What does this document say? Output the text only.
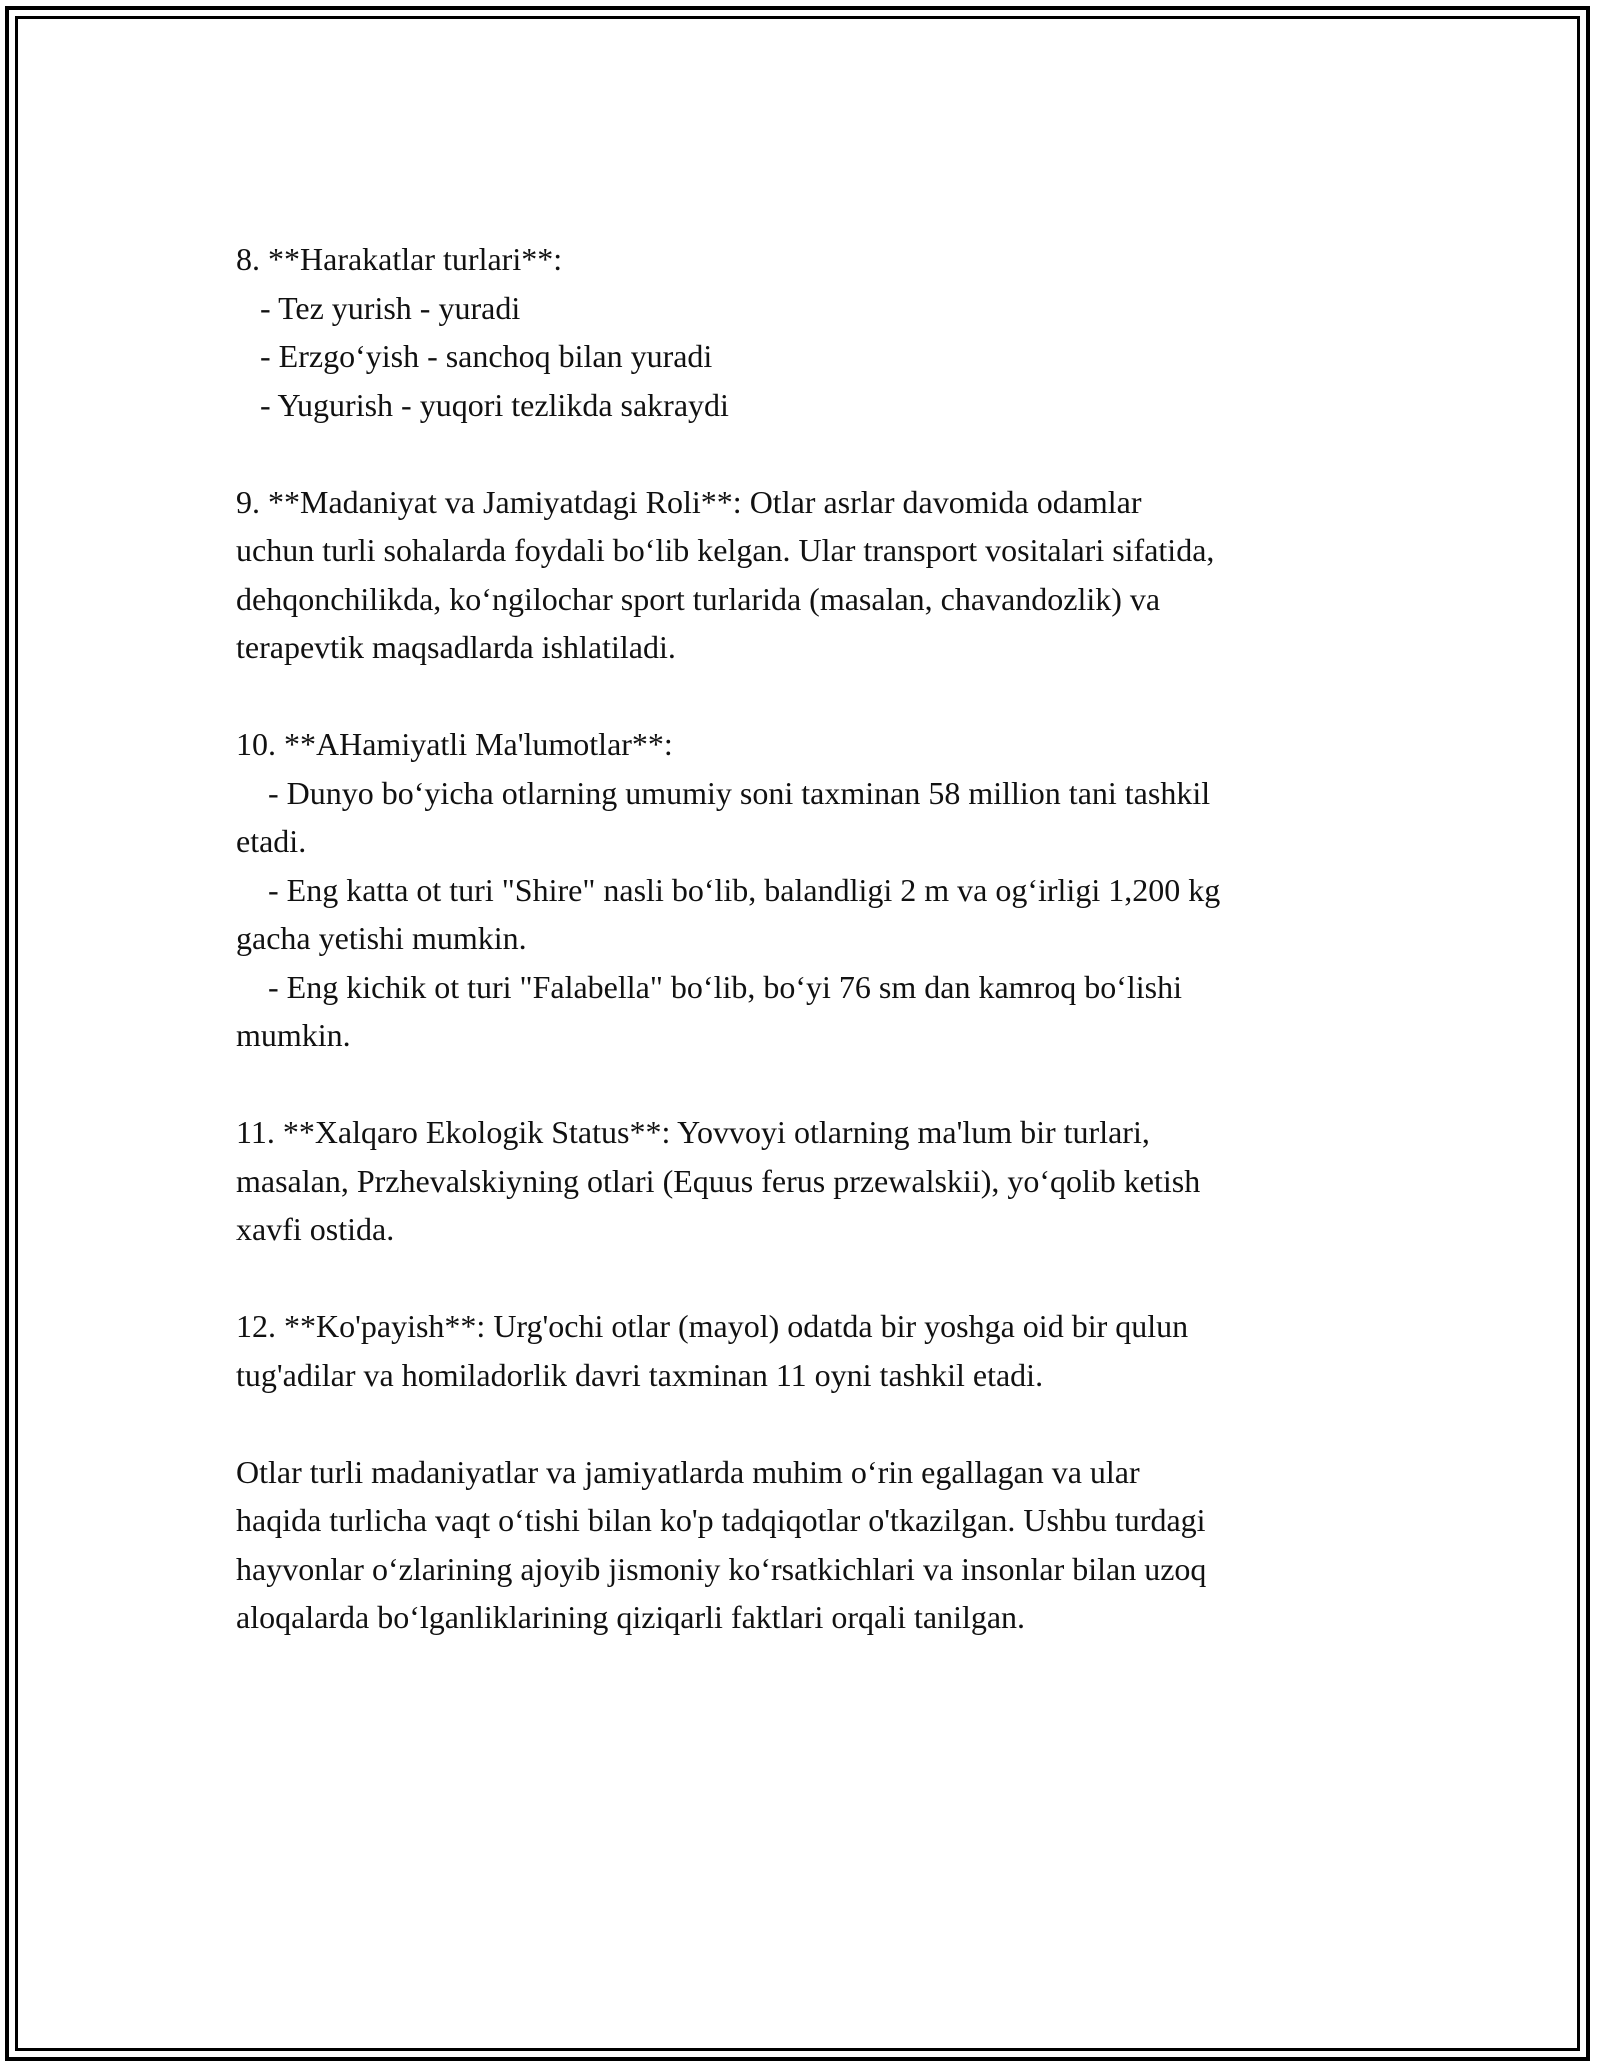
8. **Harakatlar turlari**:
- Tez yurish - yuradi
- Erzgo‘yish - sanchoq bilan yuradi
- Yugurish - yuqori tezlikda sakraydi
9. **Madaniyat va Jamiyatdagi Roli**: Otlar asrlar davomida odamlar
uchun turli sohalarda foydali bo‘lib kelgan. Ular transport vositalari sifatida,
dehqonchilikda, ko‘ngilochar sport turlarida (masalan, chavandozlik) va
terapevtik maqsadlarda ishlatiladi.
10. **AHamiyatli Ma'lumotlar**:
- Dunyo bo‘yicha otlarning umumiy soni taxminan 58 million tani tashkil
etadi.
- Eng katta ot turi "Shire" nasli bo‘lib, balandligi 2 m va og‘irligi 1,200 kg
gacha yetishi mumkin.
- Eng kichik ot turi "Falabella" bo‘lib, bo‘yi 76 sm dan kamroq bo‘lishi
mumkin.
11. **Xalqaro Ekologik Status**: Yovvoyi otlarning ma'lum bir turlari,
masalan, Przhevalskiyning otlari (Equus ferus przewalskii), yo‘qolib ketish
xavfi ostida.
12. **Ko'payish**: Urg'ochi otlar (mayol) odatda bir yoshga oid bir qulun
tug'adilar va homiladorlik davri taxminan 11 oyni tashkil etadi.
Otlar turli madaniyatlar va jamiyatlarda muhim o‘rin egallagan va ular
haqida turlicha vaqt o‘tishi bilan ko'p tadqiqotlar o'tkazilgan. Ushbu turdagi
hayvonlar o‘zlarining ajoyib jismoniy ko‘rsatkichlari va insonlar bilan uzoq
aloqalarda bo‘lganliklarining qiziqarli faktlari orqali tanilgan.
